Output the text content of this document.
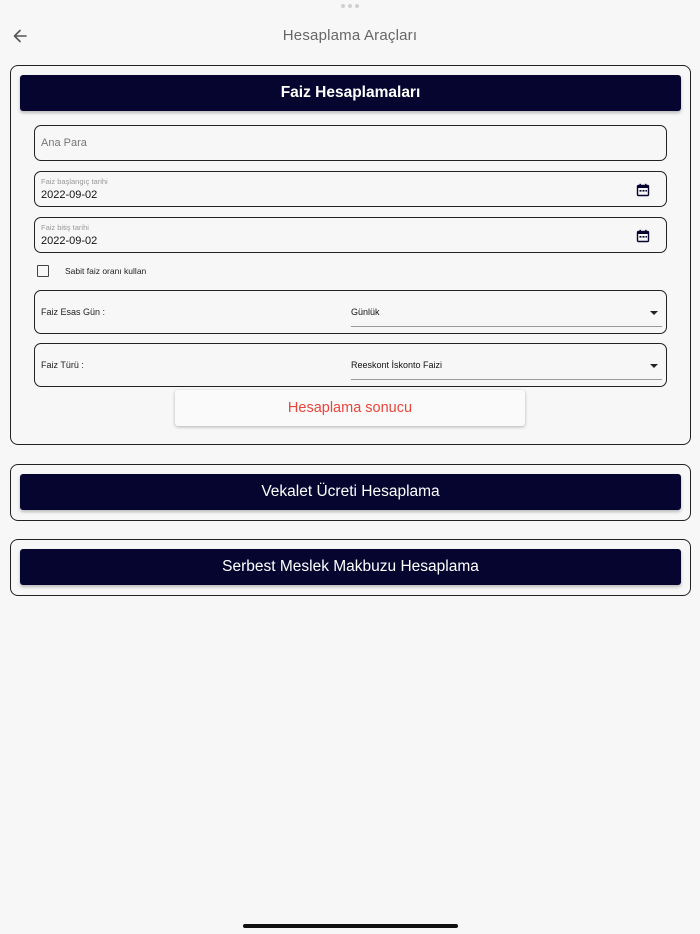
Hesaplama Araçları
Faiz Hesaplamaları
Ana Para
Faiz başlangıç tarihi
2022-09-02
Faiz bitiş tarihi
2022-09-02
Sabit faiz oranı kullan
Faiz Esas Gün :	Günlük
Faiz Türü :	Reeskont İskonto Faizi
Hesaplama sonucu
Vekalet Ücreti Hesaplama
Serbest Meslek Makbuzu Hesaplama
